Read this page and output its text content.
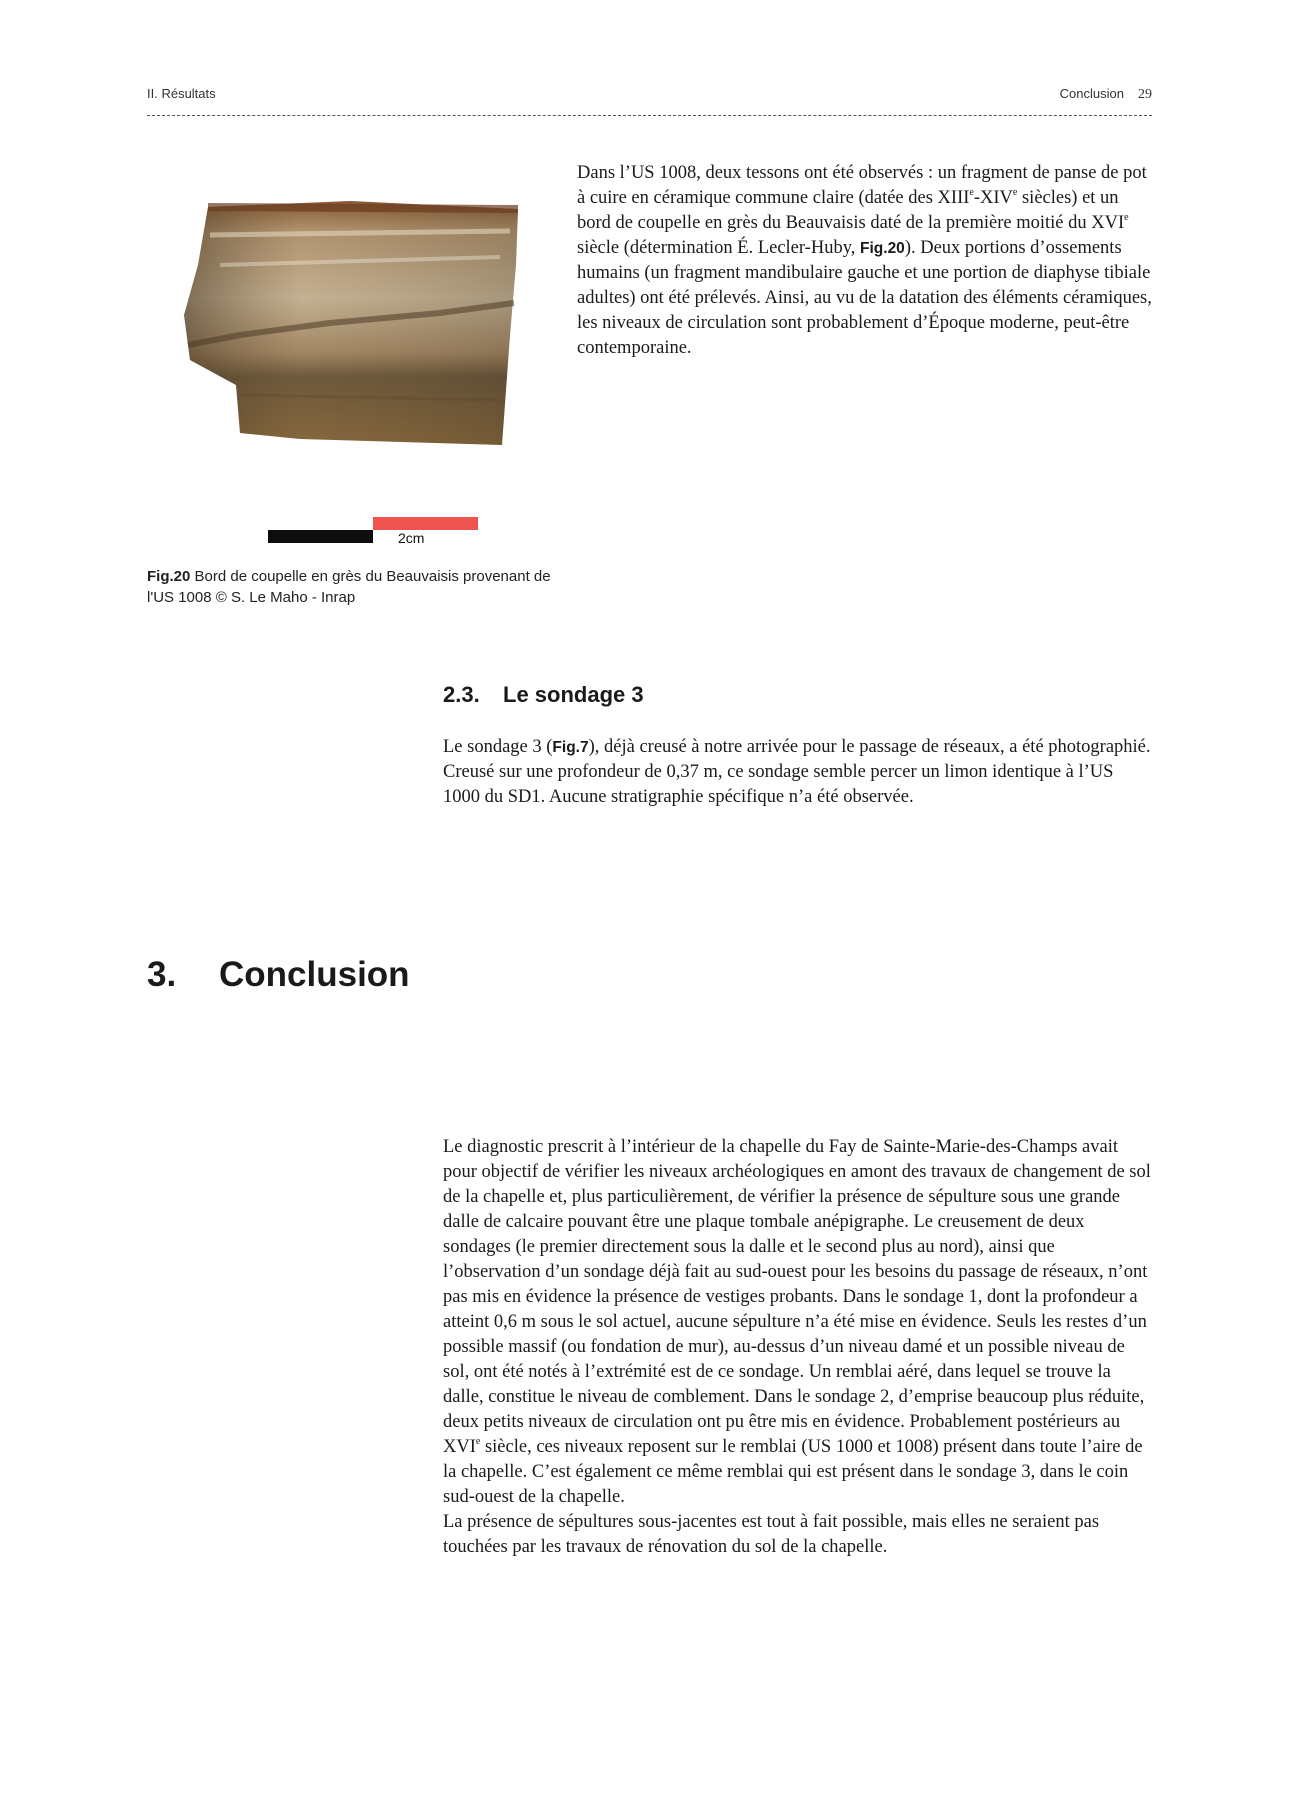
II. Résultats	Conclusion 29
2cm
Fig.20 Bord de coupelle en grès du Beauvaisis provenant de l'US 1008 © S. Le Maho - Inrap

Dans l’US 1008, deux tessons ont été observés : un fragment de panse de pot à cuire en céramique commune claire (datée des XIIIe-XIVe siècles) et un bord de coupelle en grès du Beauvaisis daté de la première moitié du XVIe siècle (détermination É. Lecler-Huby, Fig.20). Deux portions d’ossements humains (un fragment mandibulaire gauche et une portion de diaphyse tibiale adultes) ont été prélevés. Ainsi, au vu de la datation des éléments céramiques, les niveaux de circulation sont probablement d’Époque moderne, peut-être contemporaine.

2.3. Le sondage 3

Le sondage 3 (Fig.7), déjà creusé à notre arrivée pour le passage de réseaux, a été photographié. Creusé sur une profondeur de 0,37 m, ce sondage semble percer un limon identique à l’US 1000 du SD1. Aucune stratigraphie spécifique n’a été observée.

3. Conclusion
Le diagnostic prescrit à l’intérieur de la chapelle du Fay de Sainte-Marie-des-Champs avait pour objectif de vérifier les niveaux archéologiques en amont des travaux de changement de sol de la chapelle et, plus particulièrement, de vérifier la présence de sépulture sous une grande dalle de calcaire pouvant être une plaque tombale anépigraphe. Le creusement de deux sondages (le premier directement sous la dalle et le second plus au nord), ainsi que l’observation d’un sondage déjà fait au sud-ouest pour les besoins du passage de réseaux, n’ont pas mis en évidence la présence de vestiges probants. Dans le sondage 1, dont la profondeur a atteint 0,6 m sous le sol actuel, aucune sépulture n’a été mise en évidence. Seuls les restes d’un possible massif (ou fondation de mur), au-dessus d’un niveau damé et un possible niveau de sol, ont été notés à l’extrémité est de ce sondage. Un remblai aéré, dans lequel se trouve la dalle, constitue le niveau de comblement. Dans le sondage 2, d’emprise beaucoup plus réduite, deux petits niveaux de circulation ont pu être mis en évidence. Probablement postérieurs au XVIe siècle, ces niveaux reposent sur le remblai (US 1000 et 1008) présent dans toute l’aire de la chapelle. C’est également ce même remblai qui est présent dans le sondage 3, dans le coin sud-ouest de la chapelle.
La présence de sépultures sous-jacentes est tout à fait possible, mais elles ne seraient pas touchées par les travaux de rénovation du sol de la chapelle.
